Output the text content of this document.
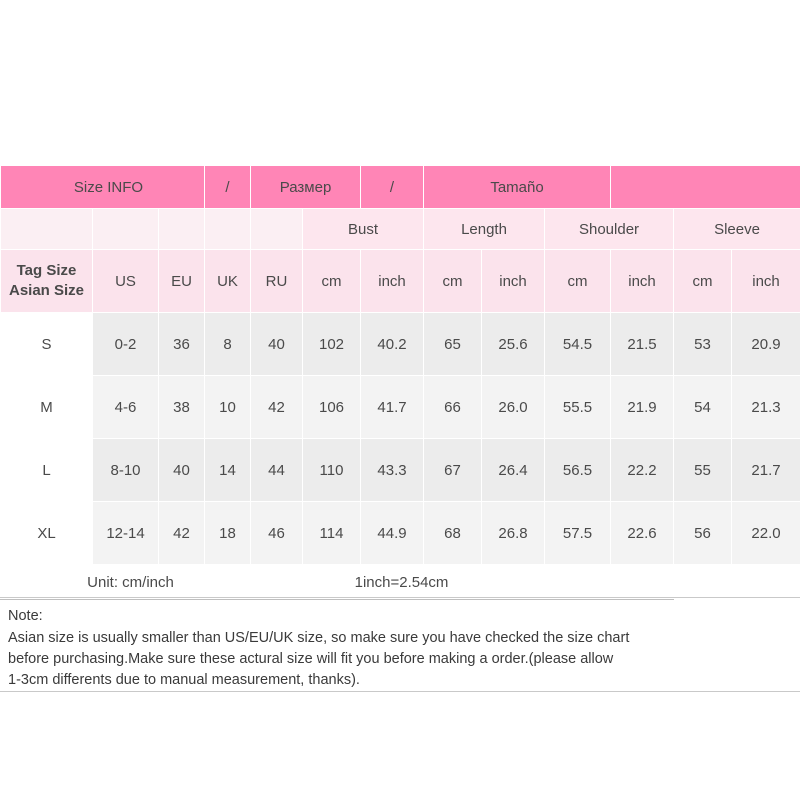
Size INFO			/	Размер		/	Tamaño					
					Bust		Length		Shoulder		Sleeve	

Tag Size
Asian Size	US	EU	UK	RU	cm	inch	cm	inch	cm	inch	cm	inch
S	0-2	36	8	40	102	40.2	65	25.6	54.5	21.5	53	20.9
M	4-6	38	10	42	106	41.7	66	26.0	55.5	21.9	54	21.3
L	8-10	40	14	44	110	43.3	67	26.4	56.5	22.2	55	21.7
XL	12-14	42	18	46	114	44.9	68	26.8	57.5	22.6	56	22.0
Unit: cm/inch				1inch=2.54cm								

Note:

Asian size is usually smaller than US/EU/UK size, so make sure you have checked the size chart

before purchasing.Make sure these actural size will fit you before making a order.(please allow

1-3cm differents due to manual measurement, thanks).
